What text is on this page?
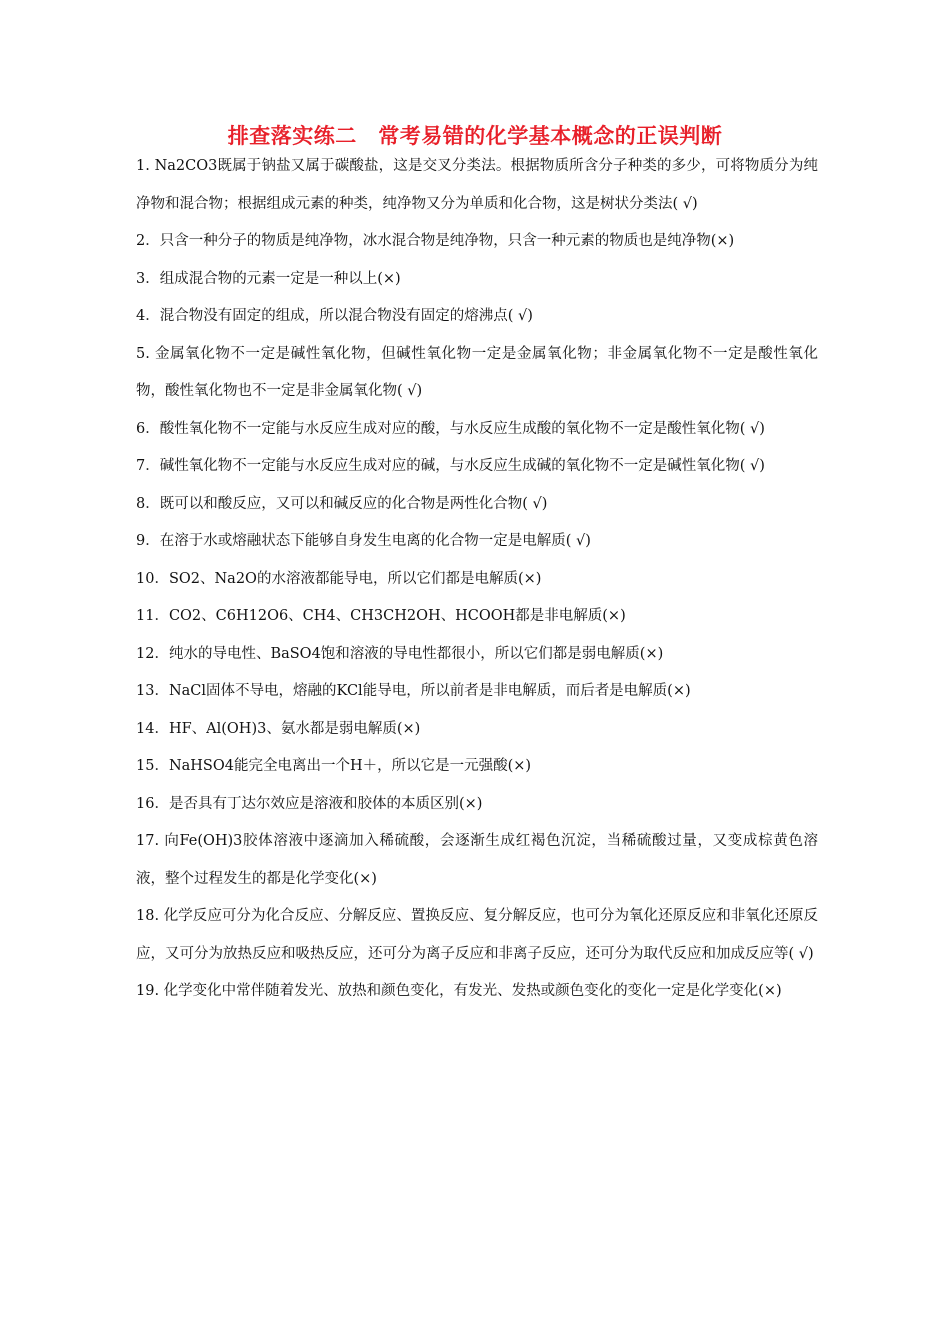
排查落实练二　常考易错的化学基本概念的正误判断

1. Na2CO3既属于钠盐又属于碳酸盐，这是交叉分类法。根据物质所含分子种类的多少，可将物质分为纯净物和混合物；根据组成元素的种类，纯净物又分为单质和化合物，这是树状分类法( √)

2．只含一种分子的物质是纯净物，冰水混合物是纯净物，只含一种元素的物质也是纯净物(×)

3．组成混合物的元素一定是一种以上(×)

4．混合物没有固定的组成，所以混合物没有固定的熔沸点( √)

5. 金属氧化物不一定是碱性氧化物，但碱性氧化物一定是金属氧化物；非金属氧化物不一定是酸性氧化物，酸性氧化物也不一定是非金属氧化物( √)

6．酸性氧化物不一定能与水反应生成对应的酸，与水反应生成酸的氧化物不一定是酸性氧化物( √)

7．碱性氧化物不一定能与水反应生成对应的碱，与水反应生成碱的氧化物不一定是碱性氧化物( √)

8．既可以和酸反应，又可以和碱反应的化合物是两性化合物( √)

9．在溶于水或熔融状态下能够自身发生电离的化合物一定是电解质( √)

10．SO2、Na2O的水溶液都能导电，所以它们都是电解质(×)

11．CO2、C6H12O6、CH4、CH3CH2OH、HCOOH都是非电解质(×)

12．纯水的导电性、BaSO4饱和溶液的导电性都很小，所以它们都是弱电解质(×)

13．NaCl固体不导电，熔融的KCl能导电，所以前者是非电解质，而后者是电解质(×)

14．HF、Al(OH)3、氨水都是弱电解质(×)

15．NaHSO4能完全电离出一个H＋，所以它是一元强酸(×)

16．是否具有丁达尔效应是溶液和胶体的本质区别(×)

17. 向Fe(OH)3胶体溶液中逐滴加入稀硫酸，会逐渐生成红褐色沉淀，当稀硫酸过量，又变成棕黄色溶液，整个过程发生的都是化学变化(×)

18. 化学反应可分为化合反应、分解反应、置换反应、复分解反应，也可分为氧化还原反应和非氧化还原反应，又可分为放热反应和吸热反应，还可分为离子反应和非离子反应，还可分为取代反应和加成反应等( √)

19. 化学变化中常伴随着发光、放热和颜色变化，有发光、发热或颜色变化的变化一定是化学变化(×)
